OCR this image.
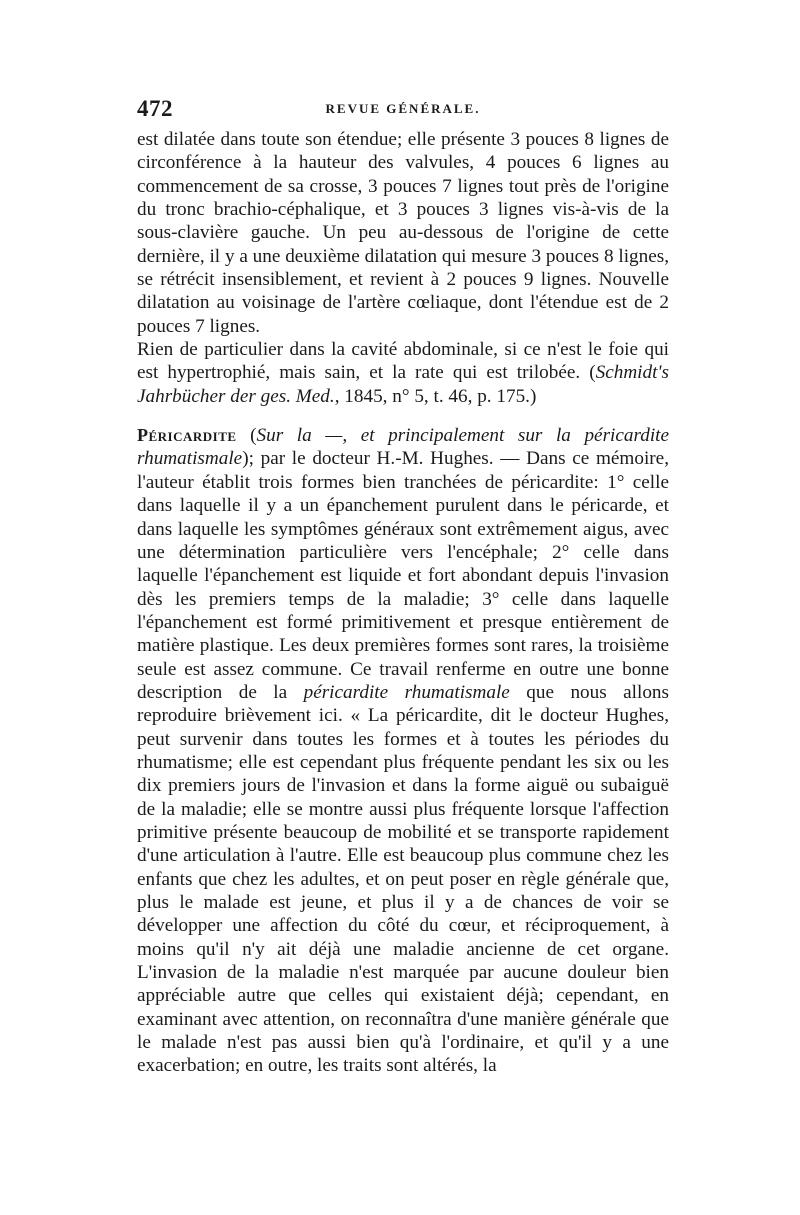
472	REVUE GÉNÉRALE.

est dilatée dans toute son étendue; elle présente 3 pouces 8 lignes de circonférence à la hauteur des valvules, 4 pouces 6 lignes au commencement de sa crosse, 3 pouces 7 lignes tout près de l'origine du tronc brachio-céphalique, et 3 pouces 3 lignes vis-à-vis de la sous-clavière gauche. Un peu au-dessous de l'origine de cette dernière, il y a une deuxième dilatation qui mesure 3 pouces 8 lignes, se rétrécit insensiblement, et revient à 2 pouces 9 lignes. Nouvelle dilatation au voisinage de l'artère cœliaque, dont l'étendue est de 2 pouces 7 lignes.

Rien de particulier dans la cavité abdominale, si ce n'est le foie qui est hypertrophié, mais sain, et la rate qui est trilobée. (Schmidt's Jahrbücher der ges. Med., 1845, n° 5, t. 46, p. 175.)

Péricardite (Sur la —, et principalement sur la péricardite rhumatismale); par le docteur H.-M. Hughes. — Dans ce mémoire, l'auteur établit trois formes bien tranchées de péricardite: 1° celle dans laquelle il y a un épanchement purulent dans le péricarde, et dans laquelle les symptômes généraux sont extrêmement aigus, avec une détermination particulière vers l'encéphale; 2° celle dans laquelle l'épanchement est liquide et fort abondant depuis l'invasion dès les premiers temps de la maladie; 3° celle dans laquelle l'épanchement est formé primitivement et presque entièrement de matière plastique. Les deux premières formes sont rares, la troisième seule est assez commune. Ce travail renferme en outre une bonne description de la péricardite rhumatismale que nous allons reproduire brièvement ici. « La péricardite, dit le docteur Hughes, peut survenir dans toutes les formes et à toutes les périodes du rhumatisme; elle est cependant plus fréquente pendant les six ou les dix premiers jours de l'invasion et dans la forme aiguë ou subaiguë de la maladie; elle se montre aussi plus fréquente lorsque l'affection primitive présente beaucoup de mobilité et se transporte rapidement d'une articulation à l'autre. Elle est beaucoup plus commune chez les enfants que chez les adultes, et on peut poser en règle générale que, plus le malade est jeune, et plus il y a de chances de voir se développer une affection du côté du cœur, et réciproquement, à moins qu'il n'y ait déjà une maladie ancienne de cet organe. L'invasion de la maladie n'est marquée par aucune douleur bien appréciable autre que celles qui existaient déjà; cependant, en examinant avec attention, on reconnaîtra d'une manière générale que le malade n'est pas aussi bien qu'à l'ordinaire, et qu'il y a une exacerbation; en outre, les traits sont altérés, la
